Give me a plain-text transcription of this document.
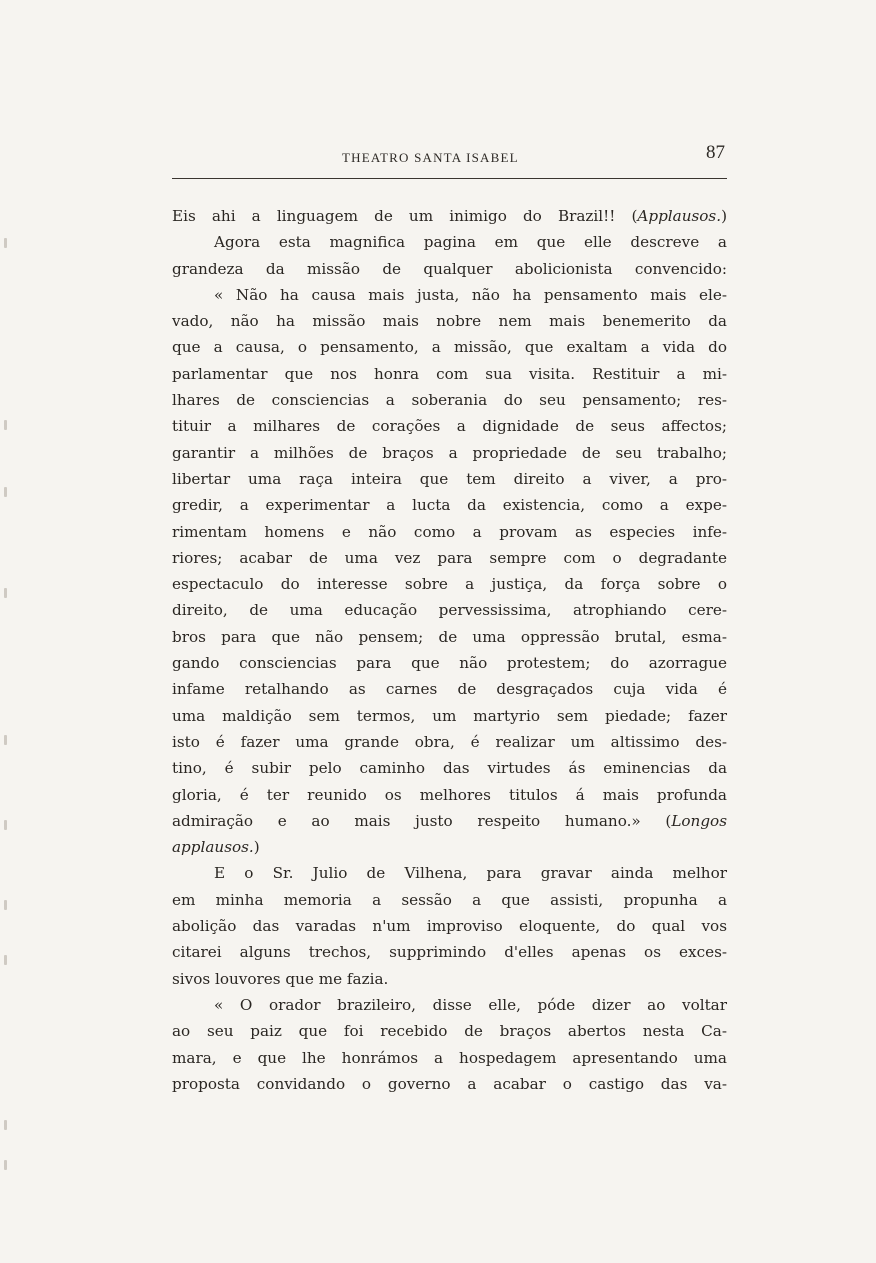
THEATRO SANTA ISABEL	87
Eis ahi a linguagem de um inimigo do Brazil!! (Applausos.)
Agora esta magnifica pagina em que elle descreve a
grandeza da missão de qualquer abolicionista convencido:
« Não ha causa mais justa, não ha pensamento mais ele-
vado, não ha missão mais nobre nem mais benemerito da
que a causa, o pensamento, a missão, que exaltam a vida do
parlamentar que nos honra com sua visita. Restituir a mi-
lhares de consciencias a soberania do seu pensamento; res-
tituir a milhares de corações a dignidade de seus affectos;
garantir a milhões de braços a propriedade de seu trabalho;
libertar uma raça inteira que tem direito a viver, a pro-
gredir, a experimentar a lucta da existencia, como a expe-
rimentam homens e não como a provam as especies infe-
riores; acabar de uma vez para sempre com o degradante
espectaculo do interesse sobre a justiça, da força sobre o
direito, de uma educação pervessissima, atrophiando cere-
bros para que não pensem; de uma oppressão brutal, esma-
gando consciencias para que não protestem; do azorrague
infame retalhando as carnes de desgraçados cuja vida é
uma maldição sem termos, um martyrio sem piedade; fazer
isto é fazer uma grande obra, é realizar um altissimo des-
tino, é subir pelo caminho das virtudes ás eminencias da
gloria, é ter reunido os melhores titulos á mais profunda
admiração e ao mais justo respeito humano.» (Longos
applausos.)
E o Sr. Julio de Vilhena, para gravar ainda melhor
em minha memoria a sessão a que assisti, propunha a
abolição das varadas n'um improviso eloquente, do qual vos
citarei alguns trechos, supprimindo d'elles apenas os exces-
sivos louvores que me fazia.
« O orador brazileiro, disse elle, póde dizer ao voltar
ao seu paiz que foi recebido de braços abertos nesta Ca-
mara, e que lhe honrámos a hospedagem apresentando uma
proposta convidando o governo a acabar o castigo das va-
